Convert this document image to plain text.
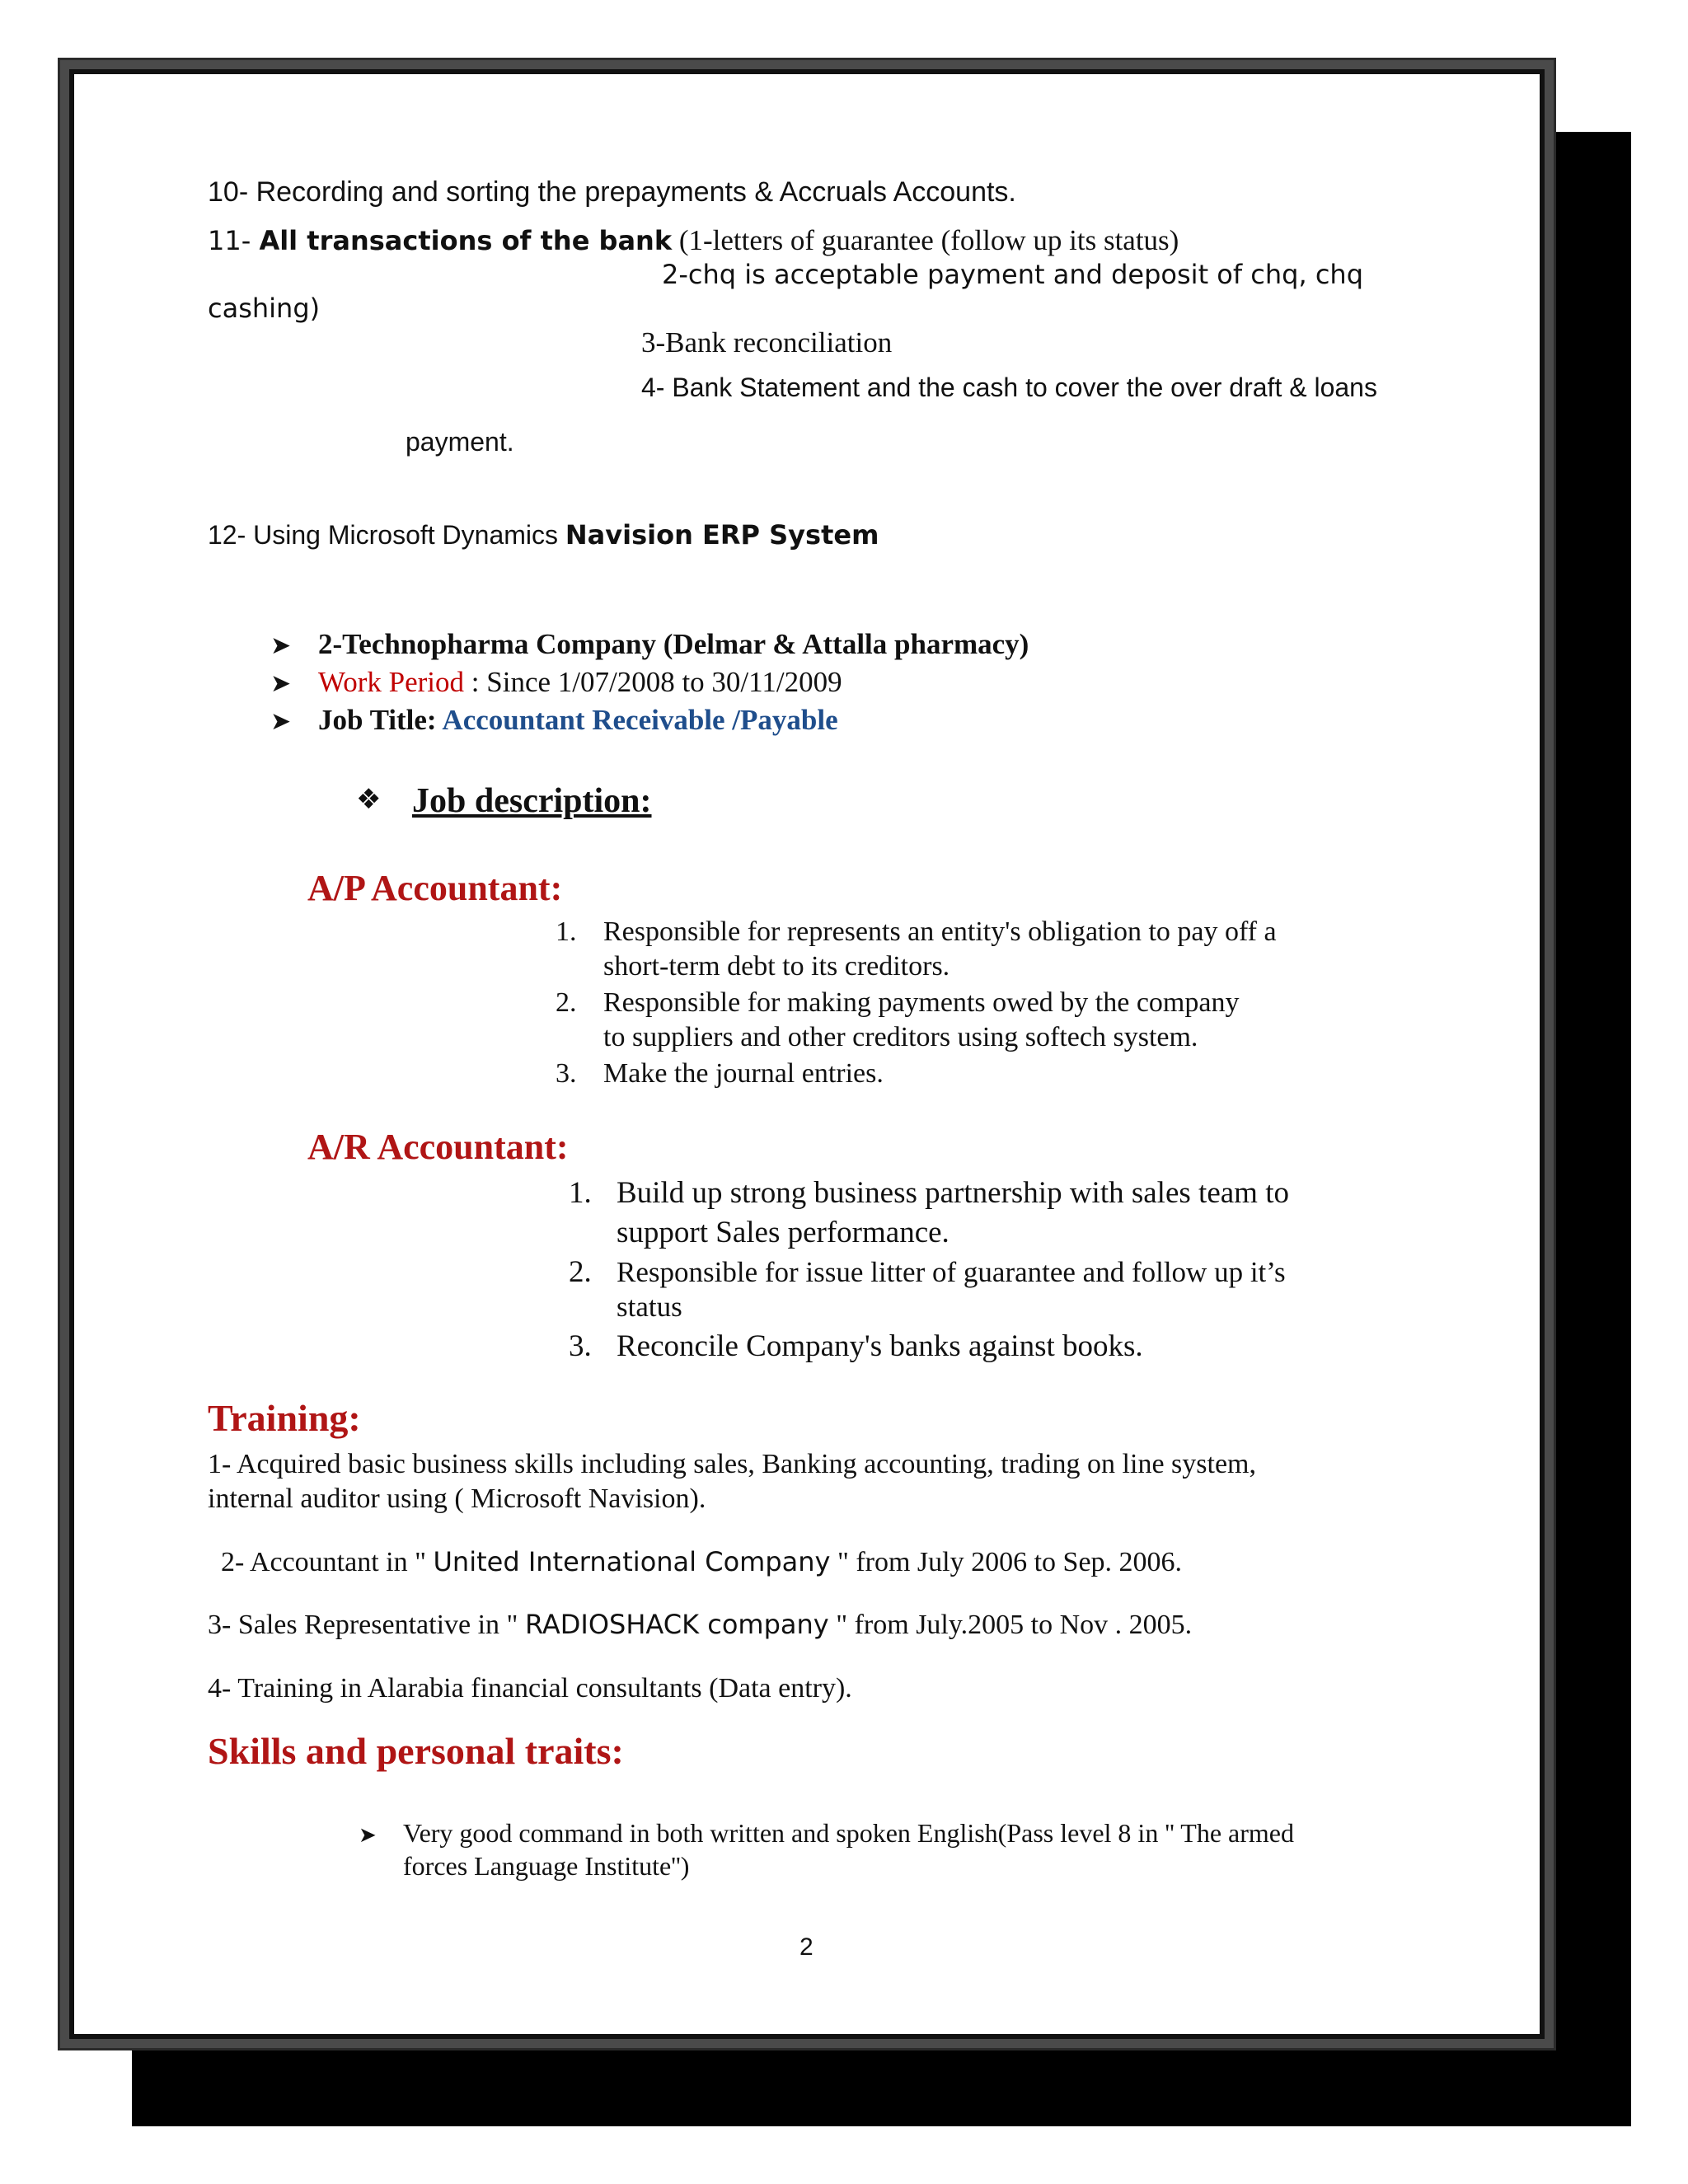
10- Recording and sorting the prepayments & Accruals Accounts.
11- All transactions of the bank (1-letters of guarantee (follow up its status)
2-chq is acceptable payment and deposit of chq, chq
cashing)
3-Bank reconciliation
4- Bank Statement and the cash to cover the over draft & loans
payment.
12- Using Microsoft Dynamics Navision ERP System
➤ 2-Technopharma Company (Delmar & Attalla pharmacy)
➤ Work Period : Since 1/07/2008 to 30/11/2009
➤ Job Title: Accountant Receivable /Payable
❖ Job description:
A/P Accountant:
1. Responsible for represents an entity's obligation to pay off a
short-term debt to its creditors.
2. Responsible for making payments owed by the company
to suppliers and other creditors using softech system.
3. Make the journal entries.
A/R Accountant:
1. Build up strong business partnership with sales team to
support Sales performance.
2. Responsible for issue litter of guarantee and follow up it’s
status
3. Reconcile Company's banks against books.
Training:
1- Acquired basic business skills including sales, Banking accounting, trading on line system,
internal auditor using ( Microsoft Navision).
2- Accountant in " United International Company " from July 2006 to Sep. 2006.
3- Sales Representative in " RADIOSHACK company " from July.2005 to Nov . 2005.
4- Training in Alarabia financial consultants (Data entry).
Skills and personal traits:
➤ Very good command in both written and spoken English(Pass level 8 in '' The armed
forces Language Institute'')
2
